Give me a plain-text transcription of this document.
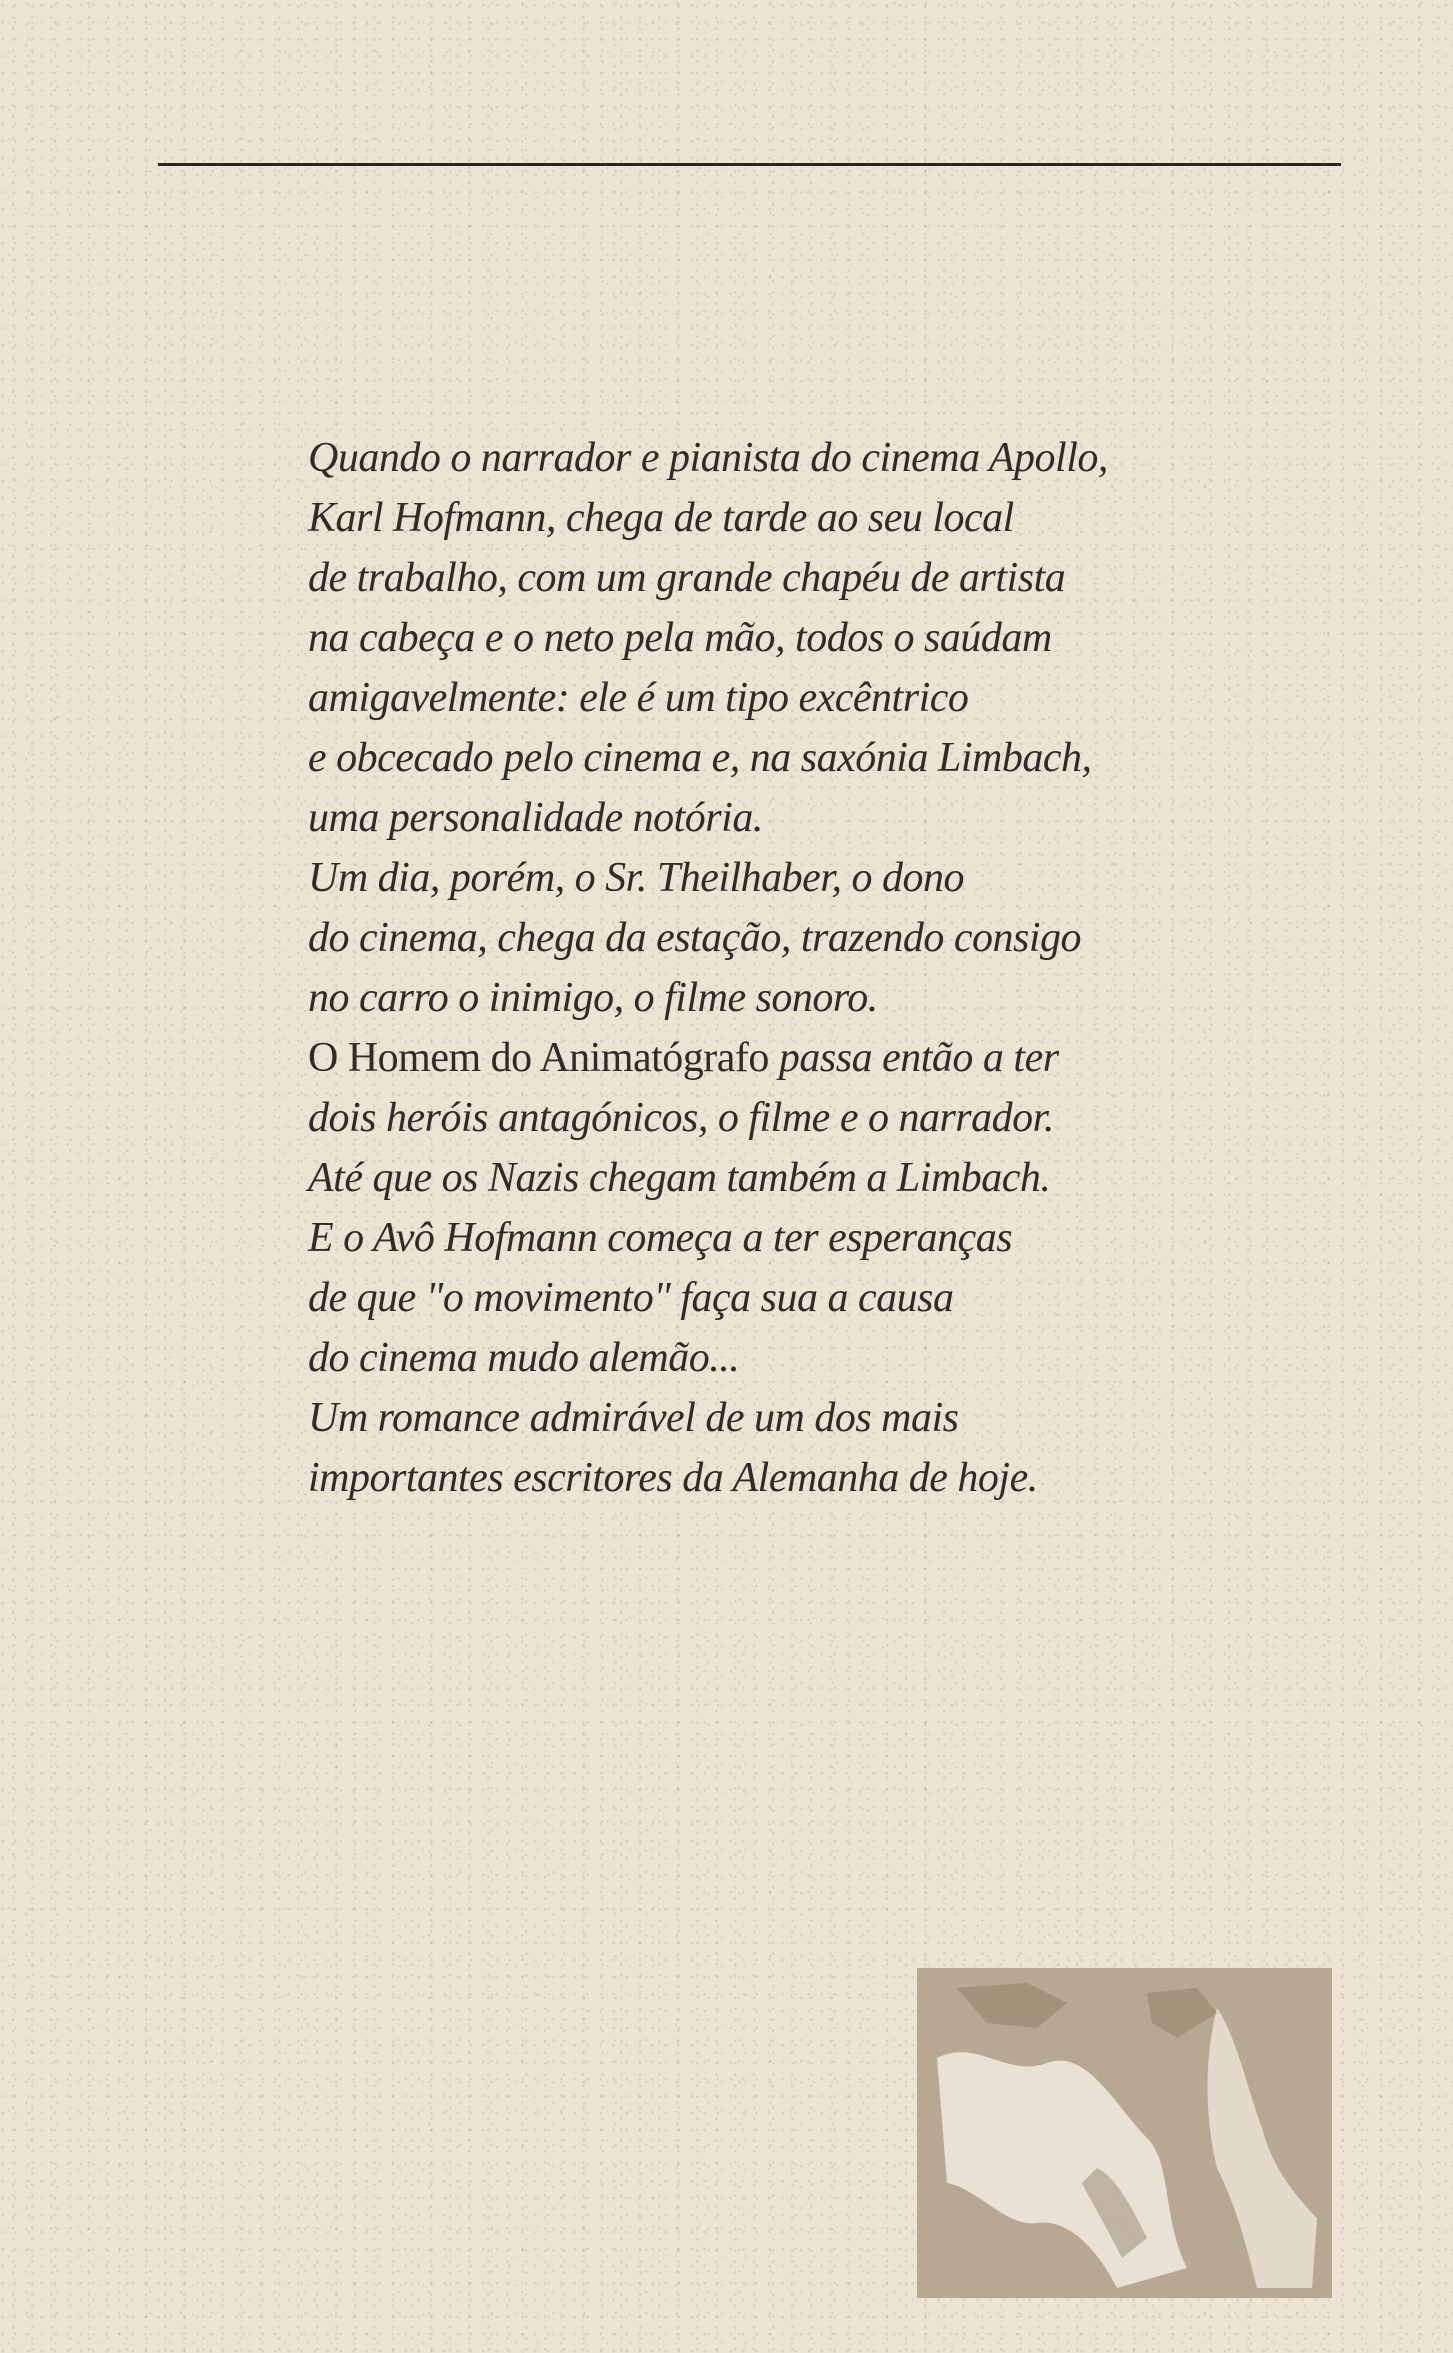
Quando o narrador e pianista do cinema Apollo,
Karl Hofmann, chega de tarde ao seu local
de trabalho, com um grande chapéu de artista
na cabeça e o neto pela mão, todos o saúdam
amigavelmente: ele é um tipo excêntrico
e obcecado pelo cinema e, na saxónia Limbach,
uma personalidade notória.
Um dia, porém, o Sr. Theilhaber, o dono
do cinema, chega da estação, trazendo consigo
no carro o inimigo, o filme sonoro.
O Homem do Animatógrafo passa então a ter
dois heróis antagónicos, o filme e o narrador.
Até que os Nazis chegam também a Limbach.
E o Avô Hofmann começa a ter esperanças
de que "o movimento" faça sua a causa
do cinema mudo alemão...
Um romance admirável de um dos mais
importantes escritores da Alemanha de hoje.
